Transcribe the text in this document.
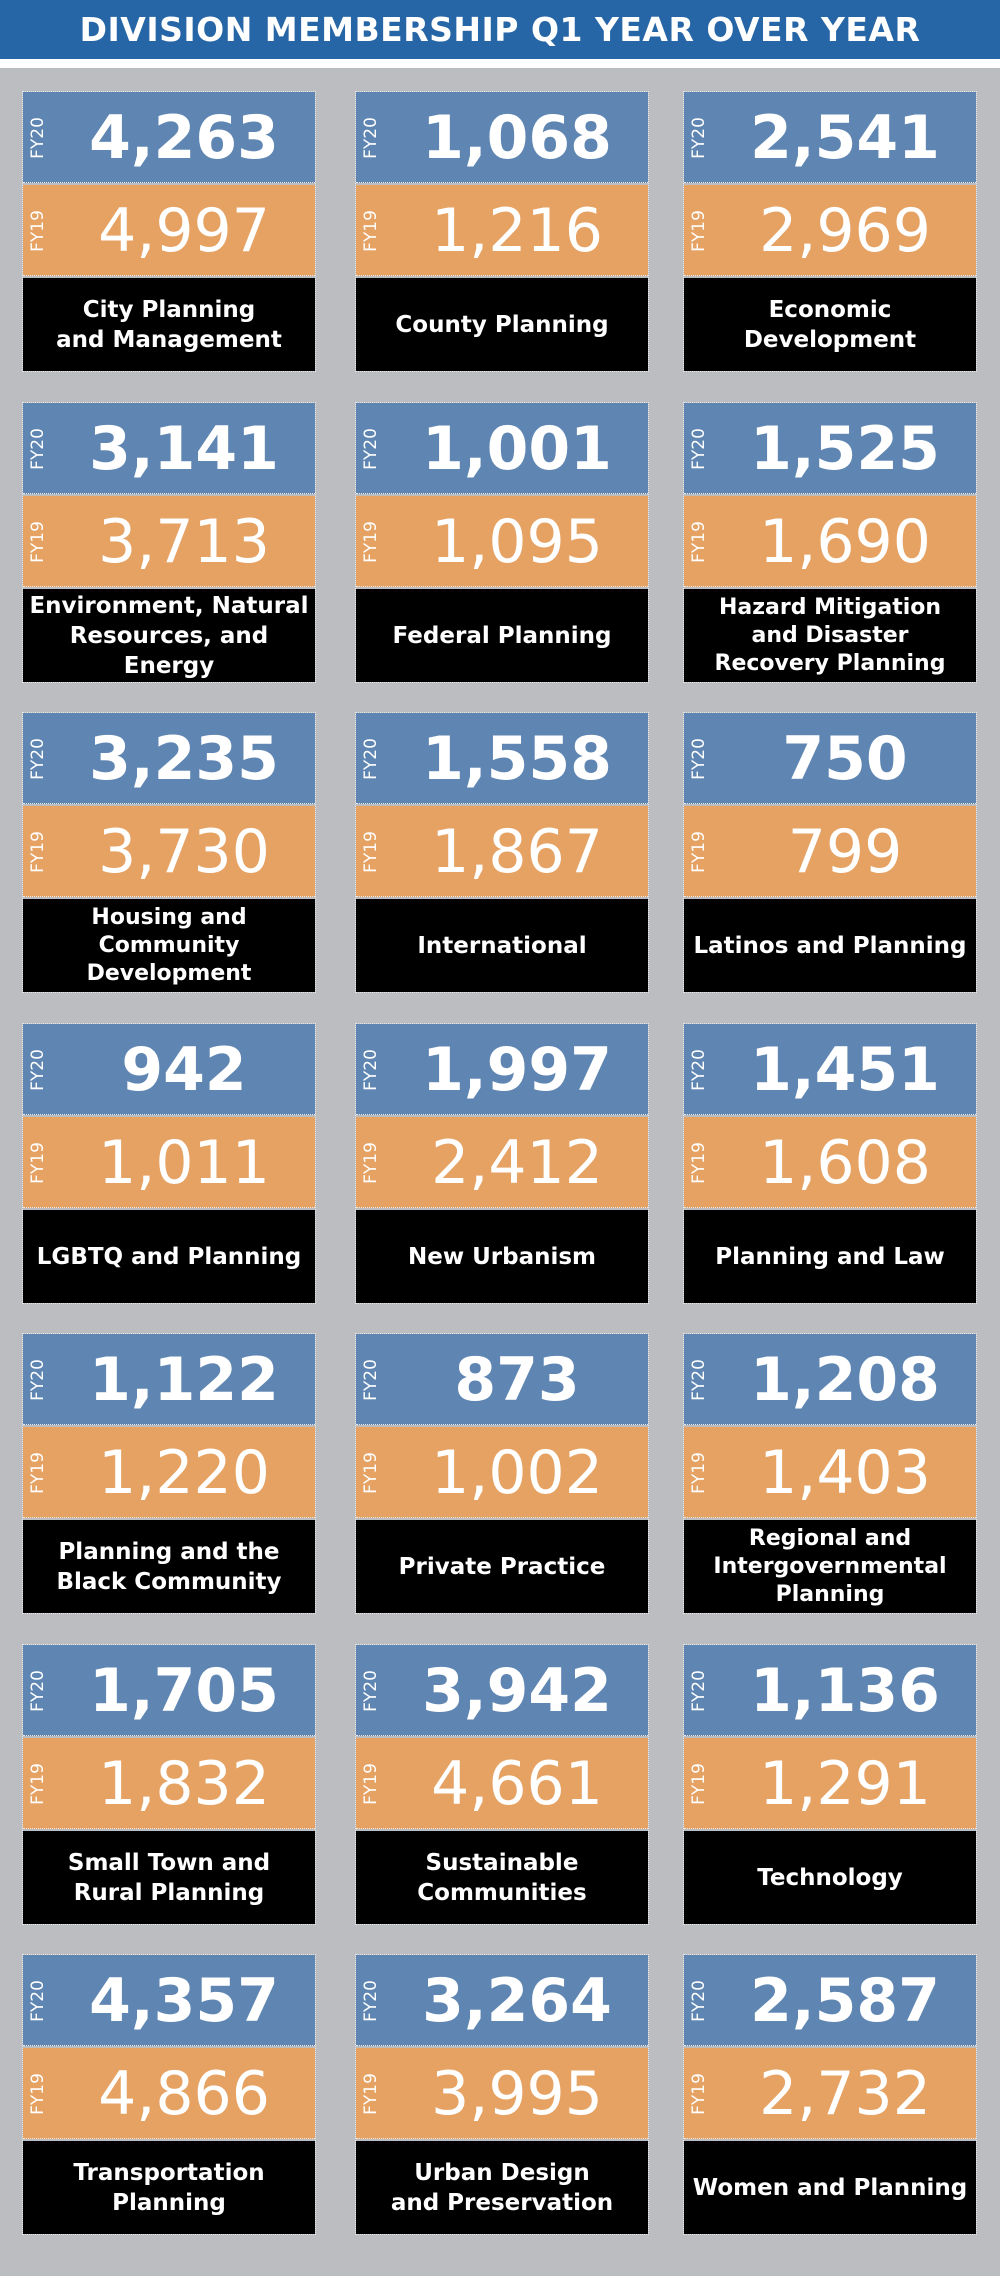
DIVISION MEMBERSHIP Q1 YEAR OVER YEAR
FY20 4,263
FY19 4,997
City Planning
and Management
FY20 1,068
FY19 1,216
County Planning
FY20 2,541
FY19 2,969
Economic
Development
FY20 3,141
FY19 3,713
Environment, Natural
Resources, and Energy
FY20 1,001
FY19 1,095
Federal Planning
FY20 1,525
FY19 1,690
Hazard Mitigation
and Disaster
Recovery Planning
FY20 3,235
FY19 3,730
Housing and
Community
Development
FY20 1,558
FY19 1,867
International
FY20	750
FY19	799
Latinos and Planning
FY20	942
FY19 1,011
LGBTQ and Planning
FY20 1,997
FY19 2,412
New Urbanism
FY20 1,451
FY19 1,608
Planning and Law
FY20 1,122
FY19 1,220
Planning and the
Black Community
FY20	873
FY19 1,002
Private Practice
FY20 1,208
FY19 1,403
Regional and
Intergovernmental
Planning
FY20 1,705
FY19 1,832
Small Town and
Rural Planning
FY20 3,942
FY19 4,661
Sustainable
Communities
FY20 1,136
FY19 1,291
Technology
FY20 4,357
FY19 4,866
Transportation
Planning
FY20 3,264
FY19 3,995
Urban Design
and Preservation
FY20 2,587
FY19 2,732
Women and Planning
